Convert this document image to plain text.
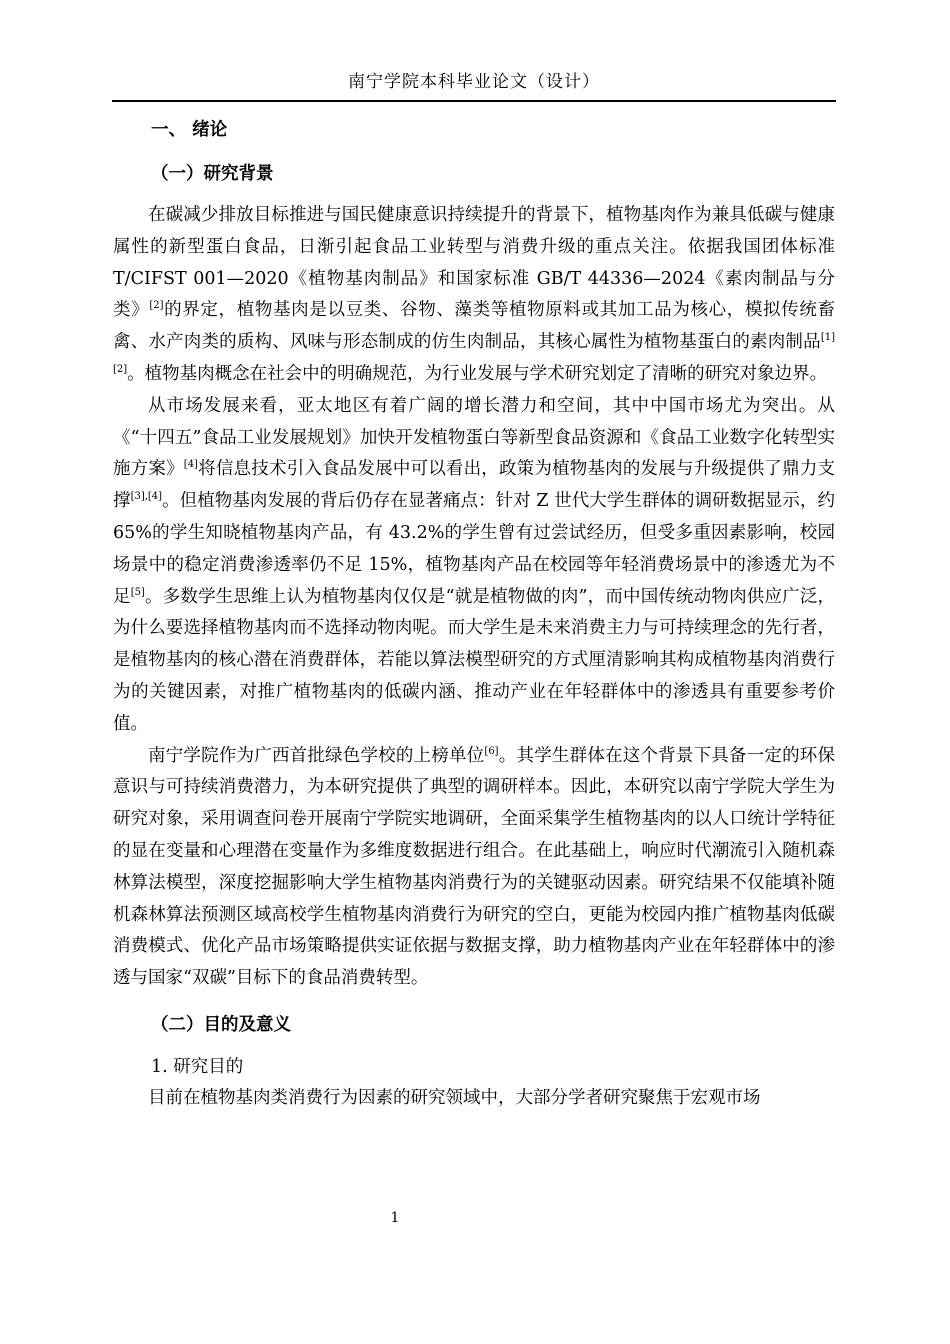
南宁学院本科毕业论文（设计）
一、 绪论
（一）研究背景

在碳减少排放目标推进与国民健康意识持续提升的背景下，植物基肉作为兼具低碳与健康属性的新型蛋白食品，日渐引起食品工业转型与消费升级的重点关注。依据我国团体标准 T/CIFST 001—2020《植物基肉制品》和国家标准 GB/T 44336—2024《素肉制品与分类》[2]的界定，植物基肉是以豆类、谷物、藻类等植物原料或其加工品为核心，模拟传统畜禽、水产肉类的质构、风味与形态制成的仿生肉制品，其核心属性为植物基蛋白的素肉制品[1][2]。植物基肉概念在社会中的明确规范，为行业发展与学术研究划定了清晰的研究对象边界。

从市场发展来看，亚太地区有着广阔的增长潜力和空间，其中中国市场尤为突出。从《“十四五”食品工业发展规划》加快开发植物蛋白等新型食品资源和《食品工业数字化转型实施方案》[4]将信息技术引入食品发展中可以看出，政策为植物基肉的发展与升级提供了鼎力支撑[3],[4]。但植物基肉发展的背后仍存在显著痛点：针对 Z 世代大学生群体的调研数据显示，约 65%的学生知晓植物基肉产品，有 43.2%的学生曾有过尝试经历，但受多重因素影响，校园场景中的稳定消费渗透率仍不足 15%，植物基肉产品在校园等年轻消费场景中的渗透尤为不足[5]。多数学生思维上认为植物基肉仅仅是“就是植物做的肉”，而中国传统动物肉供应广泛，为什么要选择植物基肉而不选择动物肉呢。而大学生是未来消费主力与可持续理念的先行者，是植物基肉的核心潜在消费群体，若能以算法模型研究的方式厘清影响其构成植物基肉消费行为的关键因素，对推广植物基肉的低碳内涵、推动产业在年轻群体中的渗透具有重要参考价值。

南宁学院作为广西首批绿色学校的上榜单位[6]。其学生群体在这个背景下具备一定的环保意识与可持续消费潜力，为本研究提供了典型的调研样本。因此，本研究以南宁学院大学生为研究对象，采用调查问卷开展南宁学院实地调研，全面采集学生植物基肉的以人口统计学特征的显在变量和心理潜在变量作为多维度数据进行组合。在此基础上，响应时代潮流引入随机森林算法模型，深度挖掘影响大学生植物基肉消费行为的关键驱动因素。研究结果不仅能填补随机森林算法预测区域高校学生植物基肉消费行为研究的空白，更能为校园内推广植物基肉低碳消费模式、优化产品市场策略提供实证依据与数据支撑，助力植物基肉产业在年轻群体中的渗透与国家“双碳”目标下的食品消费转型。

（二）目的及意义
1. 研究目的

目前在植物基肉类消费行为因素的研究领域中，大部分学者研究聚焦于宏观市场

1
